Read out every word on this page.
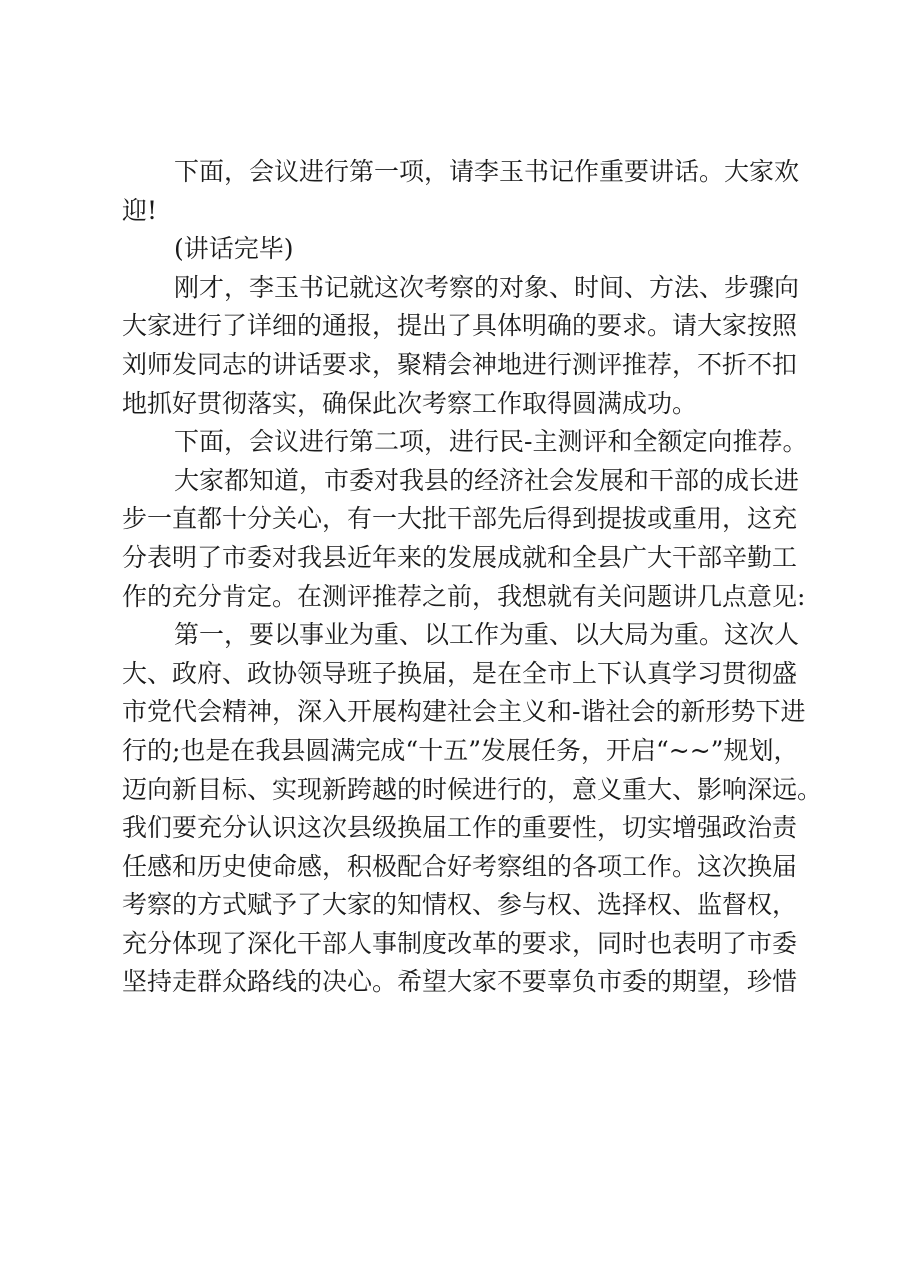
下面，会议进行第一项，请李玉书记作重要讲话。大家欢
迎!
(讲话完毕)
刚才，李玉书记就这次考察的对象、时间、方法、步骤向
大家进行了详细的通报，提出了具体明确的要求。请大家按照
刘师发同志的讲话要求，聚精会神地进行测评推荐，不折不扣
地抓好贯彻落实，确保此次考察工作取得圆满成功。
下面，会议进行第二项，进行民-主测评和全额定向推荐。
大家都知道，市委对我县的经济社会发展和干部的成长进
步一直都十分关心，有一大批干部先后得到提拔或重用，这充
分表明了市委对我县近年来的发展成就和全县广大干部辛勤工
作的充分肯定。在测评推荐之前，我想就有关问题讲几点意见:
第一，要以事业为重、以工作为重、以大局为重。这次人
大、政府、政协领导班子换届，是在全市上下认真学习贯彻盛
市党代会精神，深入开展构建社会主义和-谐社会的新形势下进
行的;也是在我县圆满完成“十五”发展任务，开启“~~”规划，
迈向新目标、实现新跨越的时候进行的，意义重大、影响深远。
我们要充分认识这次县级换届工作的重要性，切实增强政治责
任感和历史使命感，积极配合好考察组的各项工作。这次换届
考察的方式赋予了大家的知情权、参与权、选择权、监督权，
充分体现了深化干部人事制度改革的要求，同时也表明了市委
坚持走群众路线的决心。希望大家不要辜负市委的期望，珍惜
